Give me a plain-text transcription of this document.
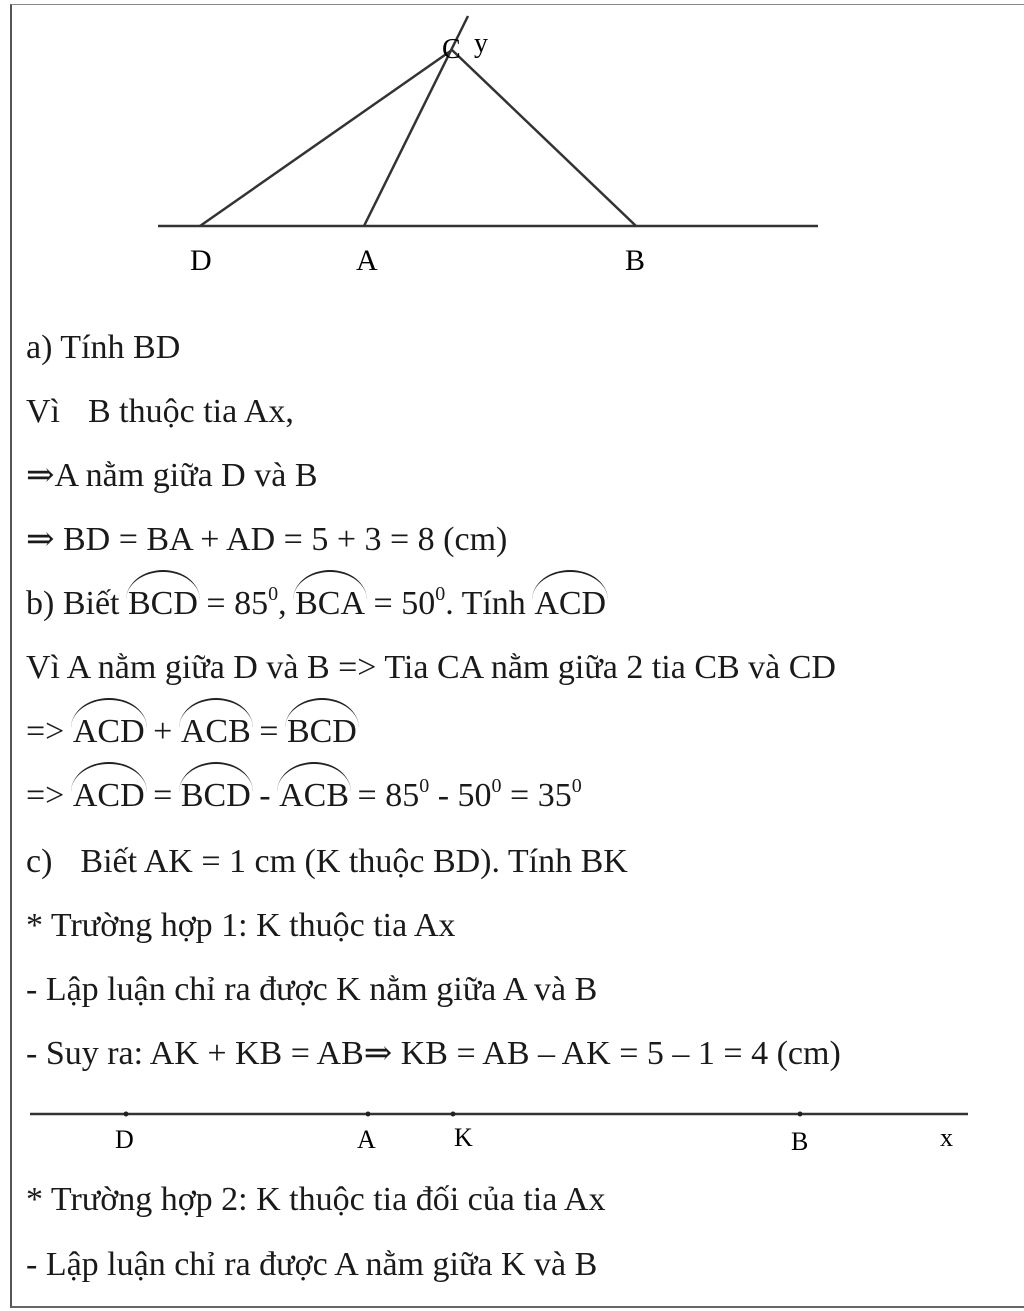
C y
D	A	B
a) Tính BD
Vì B thuộc tia Ax,
⇒A nằm giữa D và B
⇒ BD = BA + AD = 5 + 3 = 8 (cm)
b) Biết BCD = $85^0$, BCA = $50^0$. Tính ACD
Vì A nằm giữa D và B => Tia CA nằm giữa 2 tia CB và CD
=> ACD + ACB = BCD
=> ACD = BCD - ACB = $85^0 - 50^0 = 35^0$
c) Biết AK = 1 cm (K thuộc BD). Tính BK
* Trường hợp 1: K thuộc tia Ax
- Lập luận chỉ ra được K nằm giữa A và B
- Suy ra: AK + KB = AB⇒ KB = AB – AK = 5 – 1 = 4 (cm)
D	A	K	B	x
* Trường hợp 2: K thuộc tia đối của tia Ax
- Lập luận chỉ ra được A nằm giữa K và B
